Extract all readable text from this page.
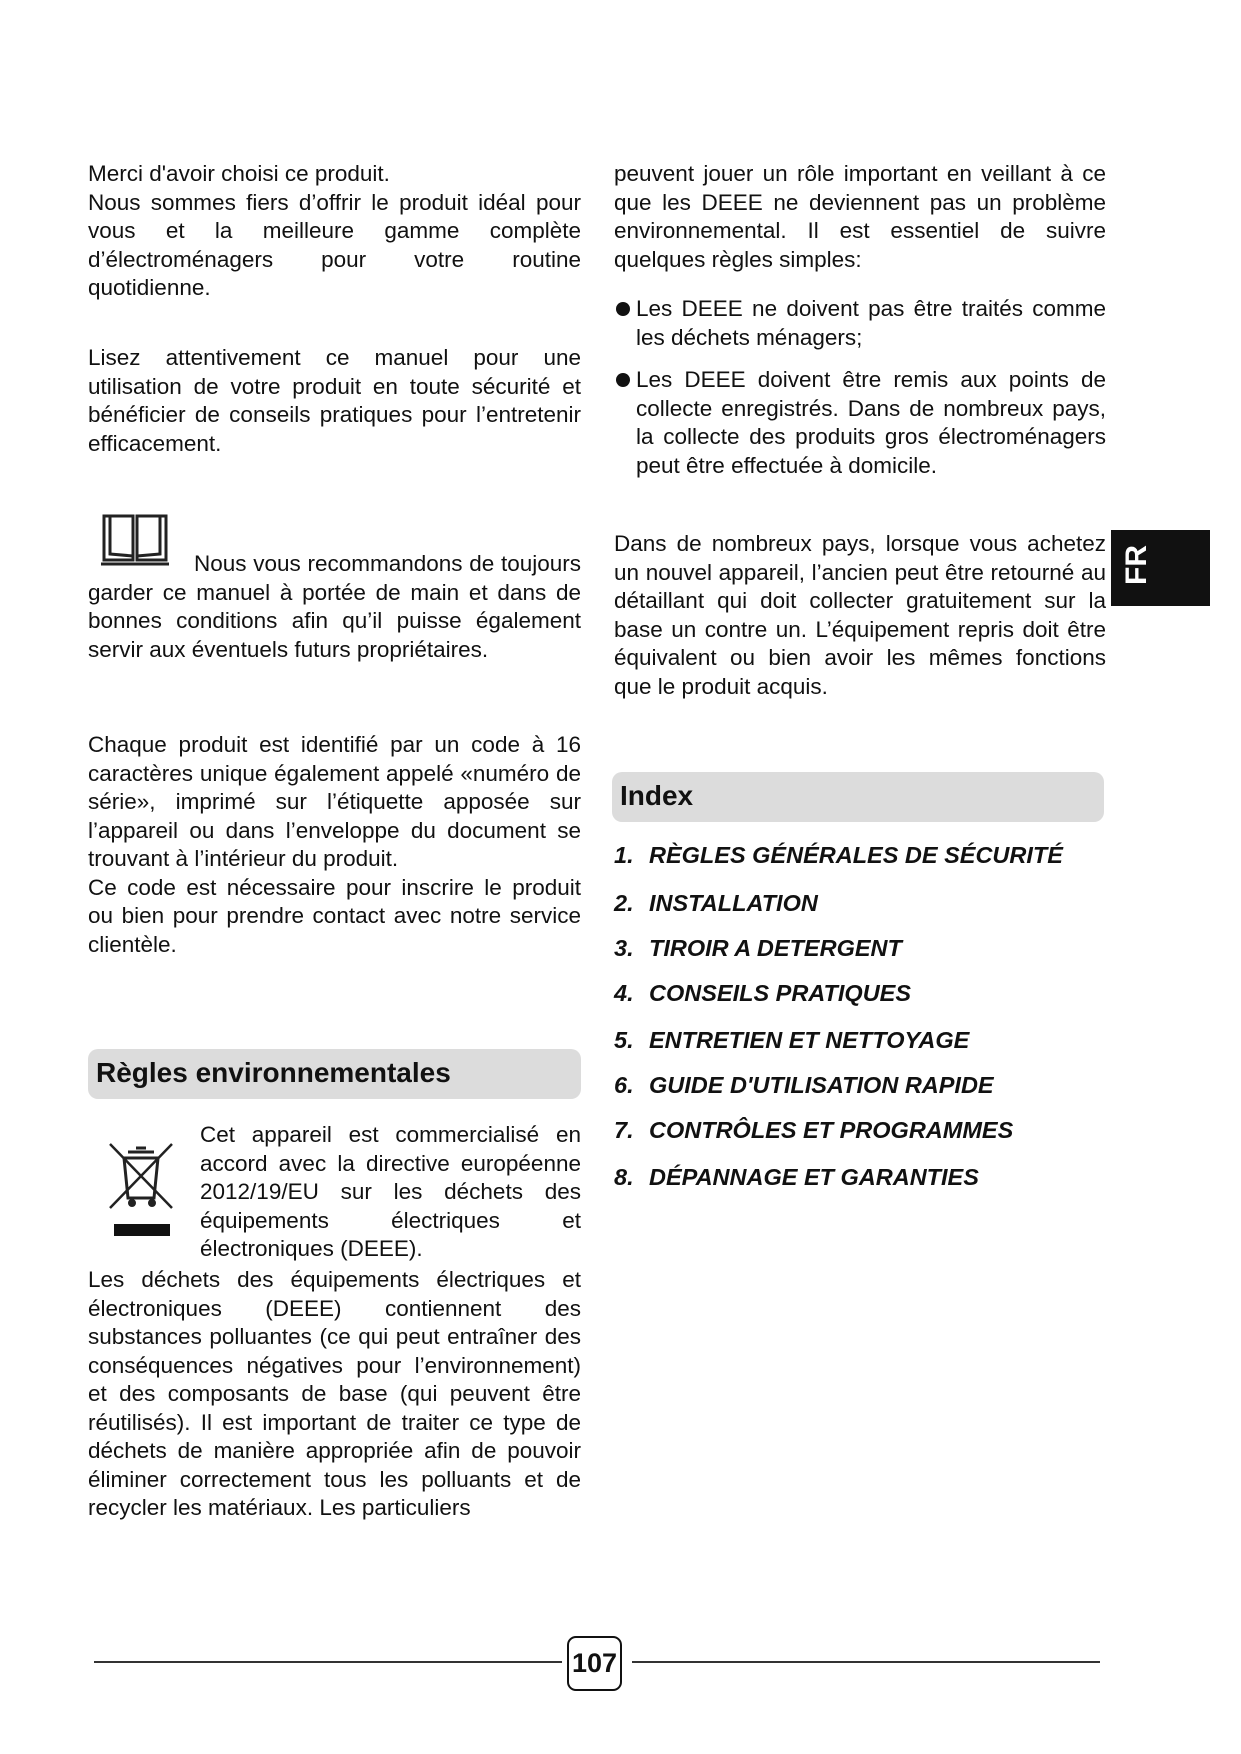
Merci d'avoir choisi ce produit.

Nous sommes fiers d’offrir le produit idéal pour vous et la meilleure gamme complète d’électroménagers pour votre routine quotidienne.

Lisez attentivement ce manuel pour une utilisation de votre produit en toute sécurité et bénéficier de conseils pratiques pour l’entretenir efficacement.
Nous vous recommandons de toujours garder ce manuel à portée de main et dans de bonnes conditions afin qu’il puisse également servir aux éventuels futurs propriétaires.

Chaque produit est identifié par un code à 16 caractères unique également appelé «numéro de série», imprimé sur l’étiquette apposée sur l’appareil ou dans l’enveloppe du document se trouvant à l’intérieur du produit.

Ce code est nécessaire pour inscrire le produit ou bien pour prendre contact avec notre service clientèle.

Règles environnementales
Cet appareil est commercialisé en accord avec la directive européenne 2012/19/EU sur les déchets des équipements électriques et électroniques (DEEE).
Les déchets des équipements électriques et électroniques (DEEE) contiennent des substances polluantes (ce qui peut entraîner des conséquences négatives pour l’environnement) et des composants de base (qui peuvent être réutilisés). Il est important de traiter ce type de déchets de manière appropriée afin de pouvoir éliminer correctement tous les polluants et de recycler les matériaux. Les particuliers
peuvent jouer un rôle important en veillant à ce que les DEEE ne deviennent pas un problème environnemental. Il est essentiel de suivre quelques règles simples:
Les DEEE ne doivent pas être traités comme les déchets ménagers;
Les DEEE doivent être remis aux points de collecte enregistrés. Dans de nombreux pays, la collecte des produits gros électroménagers peut être effectuée à domicile.
Dans de nombreux pays, lorsque vous achetez un nouvel appareil, l’ancien peut être retourné au détaillant qui doit collecter gratuitement sur la base un contre un. L’équipement repris doit être équivalent ou bien avoir les mêmes fonctions que le produit acquis.
Index
1. RÈGLES GÉNÉRALES DE SÉCURITÉ
2. INSTALLATION
3. TIROIR A DETERGENT
4. CONSEILS PRATIQUES
5. ENTRETIEN ET NETTOYAGE
6. GUIDE D'UTILISATION RAPIDE
7. CONTRÔLES ET PROGRAMMES
8. DÉPANNAGE ET GARANTIES
FR
107
